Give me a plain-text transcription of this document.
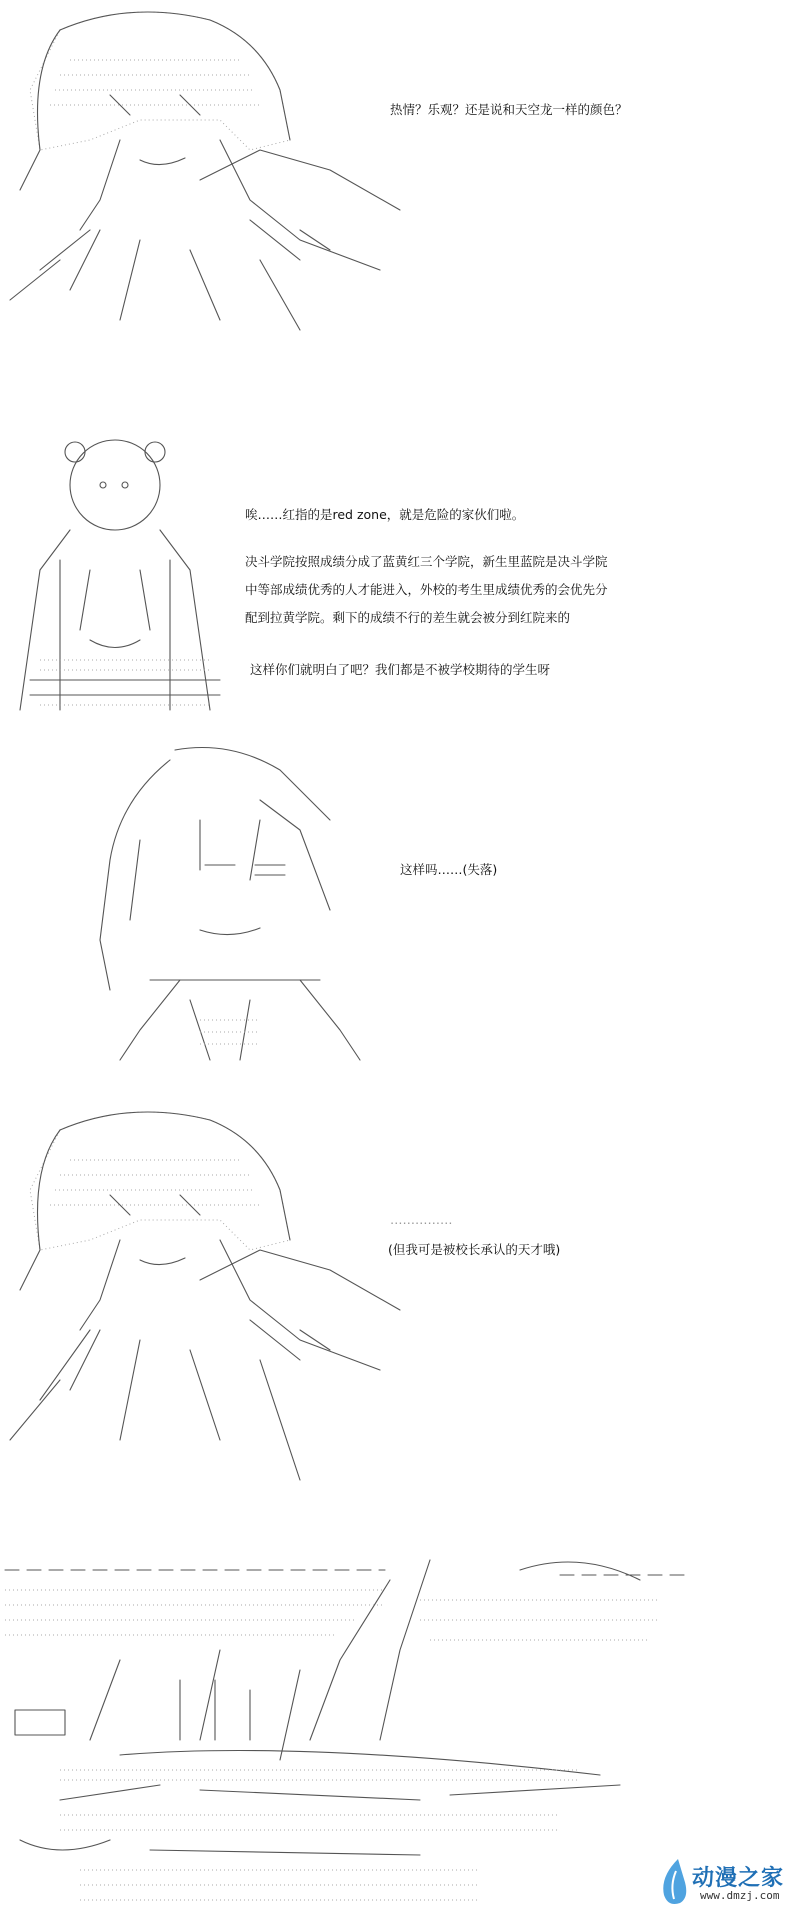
热情？乐观？还是说和天空龙一样的颜色？
唉……红指的是red zone，就是危险的家伙们啦。
决斗学院按照成绩分成了蓝黄红三个学院，新生里蓝院是决斗学院
中等部成绩优秀的人才能进入，外校的考生里成绩优秀的会优先分
配到拉黄学院。剩下的成绩不行的差生就会被分到红院来的
这样你们就明白了吧？我们都是不被学校期待的学生呀
这样吗……(失落)
……………
(但我可是被校长承认的天才哦)
动漫之家
www.dmzj.com
